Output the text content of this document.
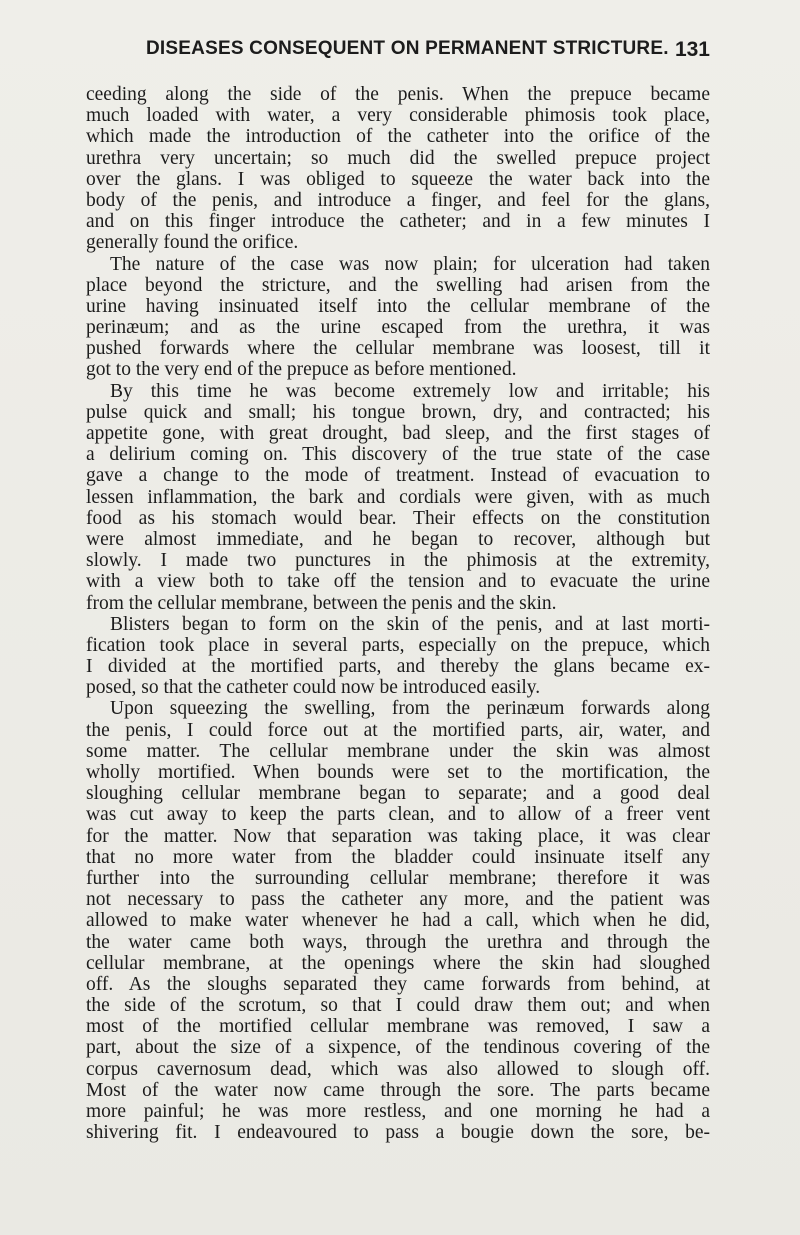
DISEASES CONSEQUENT ON PERMANENT STRICTURE. 131
ceeding along the side of the penis. When the prepuce became
much loaded with water, a very considerable phimosis took place,
which made the introduction of the catheter into the orifice of the
urethra very uncertain; so much did the swelled prepuce project
over the glans. I was obliged to squeeze the water back into the
body of the penis, and introduce a finger, and feel for the glans,
and on this finger introduce the catheter; and in a few minutes I
generally found the orifice.
The nature of the case was now plain; for ulceration had taken
place beyond the stricture, and the swelling had arisen from the
urine having insinuated itself into the cellular membrane of the
perinæum; and as the urine escaped from the urethra, it was
pushed forwards where the cellular membrane was loosest, till it
got to the very end of the prepuce as before mentioned.
By this time he was become extremely low and irritable; his
pulse quick and small; his tongue brown, dry, and contracted; his
appetite gone, with great drought, bad sleep, and the first stages of
a delirium coming on. This discovery of the true state of the case
gave a change to the mode of treatment. Instead of evacuation to
lessen inflammation, the bark and cordials were given, with as much
food as his stomach would bear. Their effects on the constitution
were almost immediate, and he began to recover, although but
slowly. I made two punctures in the phimosis at the extremity,
with a view both to take off the tension and to evacuate the urine
from the cellular membrane, between the penis and the skin.
Blisters began to form on the skin of the penis, and at last morti-
fication took place in several parts, especially on the prepuce, which
I divided at the mortified parts, and thereby the glans became ex-
posed, so that the catheter could now be introduced easily.
Upon squeezing the swelling, from the perinæum forwards along
the penis, I could force out at the mortified parts, air, water, and
some matter. The cellular membrane under the skin was almost
wholly mortified. When bounds were set to the mortification, the
sloughing cellular membrane began to separate; and a good deal
was cut away to keep the parts clean, and to allow of a freer vent
for the matter. Now that separation was taking place, it was clear
that no more water from the bladder could insinuate itself any
further into the surrounding cellular membrane; therefore it was
not necessary to pass the catheter any more, and the patient was
allowed to make water whenever he had a call, which when he did,
the water came both ways, through the urethra and through the
cellular membrane, at the openings where the skin had sloughed
off. As the sloughs separated they came forwards from behind, at
the side of the scrotum, so that I could draw them out; and when
most of the mortified cellular membrane was removed, I saw a
part, about the size of a sixpence, of the tendinous covering of the
corpus cavernosum dead, which was also allowed to slough off.
Most of the water now came through the sore. The parts became
more painful; he was more restless, and one morning he had a
shivering fit. I endeavoured to pass a bougie down the sore, be-
